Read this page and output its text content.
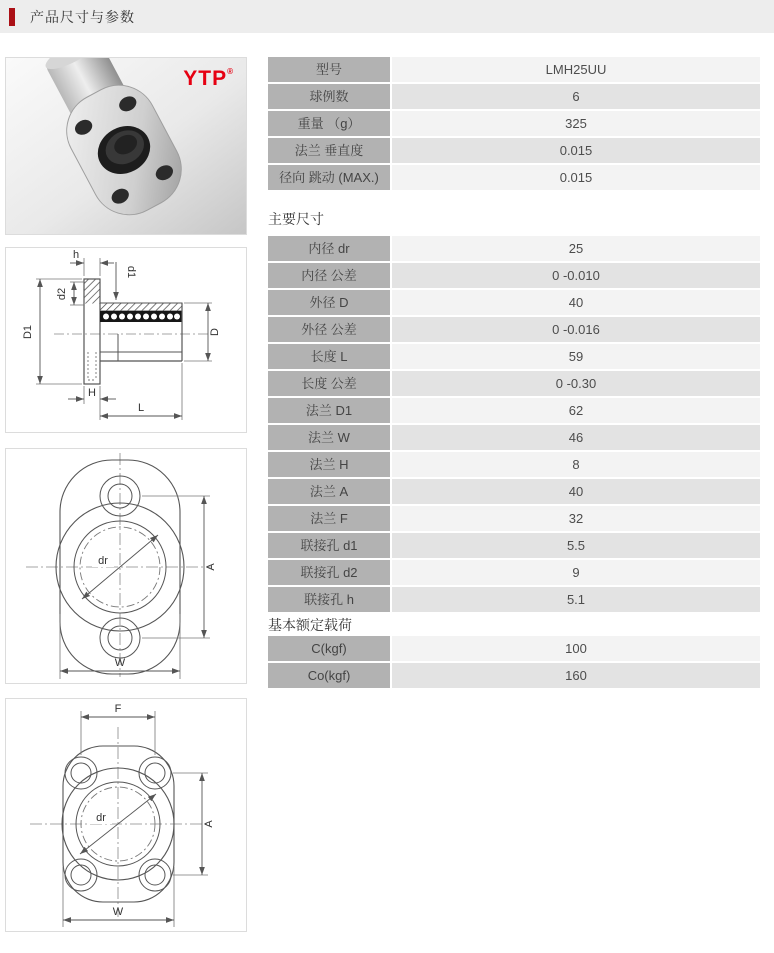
产品尺寸与参数
YTP®
h
d1
d2
D1	D
H
L
dr	A
W
dr
F
A
W
型号	LMH25UU
球例数	6
重量 （g）	325
法兰 垂直度	0.015
径向 跳动 (MAX.)	0.015
主要尺寸
内径 dr	25
内径 公差	0 -0.010
外径 D	40
外径 公差	0 -0.016
长度 L	59
长度 公差	0 -0.30
法兰 D1	62
法兰 W	46
法兰 H	8
法兰 A	40
法兰 F	32
联接孔 d1	5.5
联接孔 d2	9
联接孔 h	5.1
基本额定载荷
C(kgf)	100
Co(kgf)	160
